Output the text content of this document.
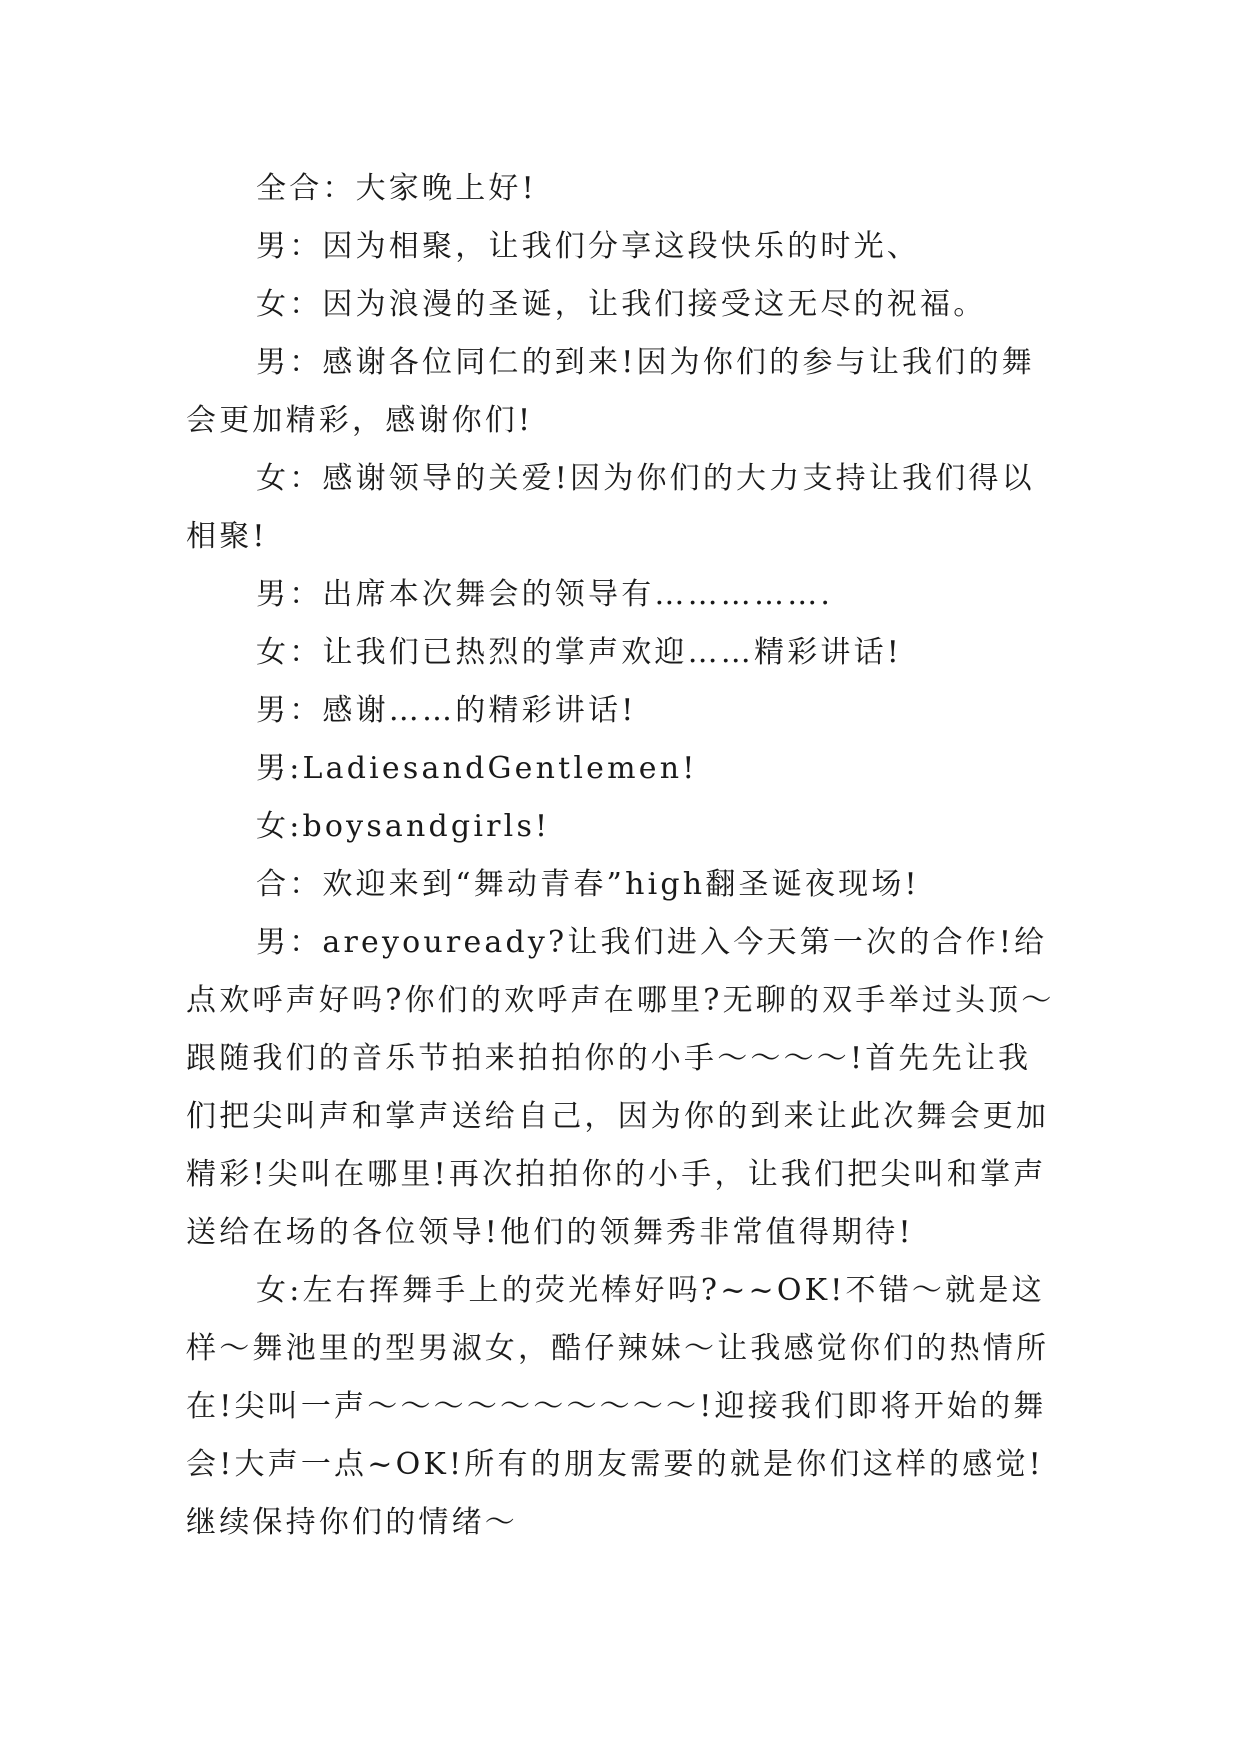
全合：大家晚上好!

男：因为相聚，让我们分享这段快乐的时光、

女：因为浪漫的圣诞，让我们接受这无尽的祝福。

男：感谢各位同仁的到来!因为你们的参与让我们的舞会更加精彩，感谢你们!

女：感谢领导的关爱!因为你们的大力支持让我们得以相聚!

男：出席本次舞会的领导有…………….

女：让我们已热烈的掌声欢迎……精彩讲话!

男：感谢……的精彩讲话!

男:LadiesandGentlemen!

女:boysandgirls!

合：欢迎来到“舞动青春”high翻圣诞夜现场!

男：areyouready?让我们进入今天第一次的合作!给点欢呼声好吗?你们的欢呼声在哪里?无聊的双手举过头顶～跟随我们的音乐节拍来拍拍你的小手～～～～!首先先让我们把尖叫声和掌声送给自己，因为你的到来让此次舞会更加精彩!尖叫在哪里!再次拍拍你的小手，让我们把尖叫和掌声送给在场的各位领导!他们的领舞秀非常值得期待!

女:左右挥舞手上的荧光棒好吗?~~OK!不错～就是这样～舞池里的型男淑女，酷仔辣妹～让我感觉你们的热情所在!尖叫一声～～～～～～～～～～!迎接我们即将开始的舞会!大声一点~OK!所有的朋友需要的就是你们这样的感觉!继续保持你们的情绪～
